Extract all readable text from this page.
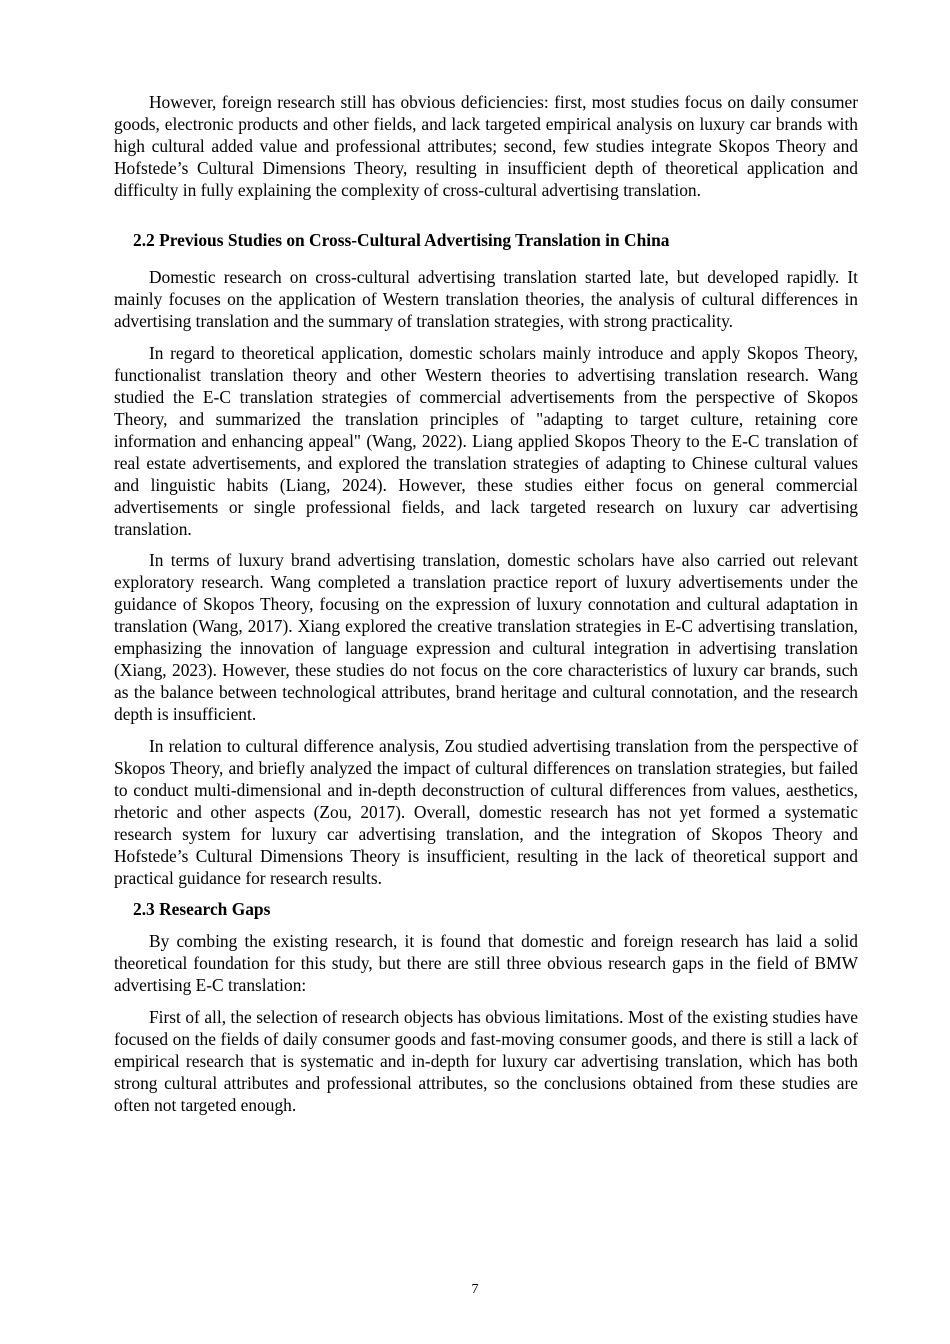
However, foreign research still has obvious deficiencies: first, most studies focus on daily consumer goods, electronic products and other fields, and lack targeted empirical analysis on luxury car brands with high cultural added value and professional attributes; second, few studies integrate Skopos Theory and Hofstede’s Cultural Dimensions Theory, resulting in insufficient depth of theoretical application and difficulty in fully explaining the complexity of cross-cultural advertising translation.

2.2 Previous Studies on Cross-Cultural Advertising Translation in China

Domestic research on cross-cultural advertising translation started late, but developed rapidly. It mainly focuses on the application of Western translation theories, the analysis of cultural differences in advertising translation and the summary of translation strategies, with strong practicality.

In regard to theoretical application, domestic scholars mainly introduce and apply Skopos Theory, functionalist translation theory and other Western theories to advertising translation research. Wang studied the E-C translation strategies of commercial advertisements from the perspective of Skopos Theory, and summarized the translation principles of "adapting to target culture, retaining core information and enhancing appeal" (Wang, 2022). Liang applied Skopos Theory to the E-C translation of real estate advertisements, and explored the translation strategies of adapting to Chinese cultural values and linguistic habits (Liang, 2024). However, these studies either focus on general commercial advertisements or single professional fields, and lack targeted research on luxury car advertising translation.

In terms of luxury brand advertising translation, domestic scholars have also carried out relevant exploratory research. Wang completed a translation practice report of luxury advertisements under the guidance of Skopos Theory, focusing on the expression of luxury connotation and cultural adaptation in translation (Wang, 2017). Xiang explored the creative translation strategies in E-C advertising translation, emphasizing the innovation of language expression and cultural integration in advertising translation (Xiang, 2023). However, these studies do not focus on the core characteristics of luxury car brands, such as the balance between technological attributes, brand heritage and cultural connotation, and the research depth is insufficient.

In relation to cultural difference analysis, Zou studied advertising translation from the perspective of Skopos Theory, and briefly analyzed the impact of cultural differences on translation strategies, but failed to conduct multi-dimensional and in-depth deconstruction of cultural differences from values, aesthetics, rhetoric and other aspects (Zou, 2017). Overall, domestic research has not yet formed a systematic research system for luxury car advertising translation, and the integration of Skopos Theory and Hofstede’s Cultural Dimensions Theory is insufficient, resulting in the lack of theoretical support and practical guidance for research results.

2.3 Research Gaps

By combing the existing research, it is found that domestic and foreign research has laid a solid theoretical foundation for this study, but there are still three obvious research gaps in the field of BMW advertising E-C translation:

First of all, the selection of research objects has obvious limitations. Most of the existing studies have focused on the fields of daily consumer goods and fast-moving consumer goods, and there is still a lack of empirical research that is systematic and in-depth for luxury car advertising translation, which has both strong cultural attributes and professional attributes, so the conclusions obtained from these studies are often not targeted enough.

7
